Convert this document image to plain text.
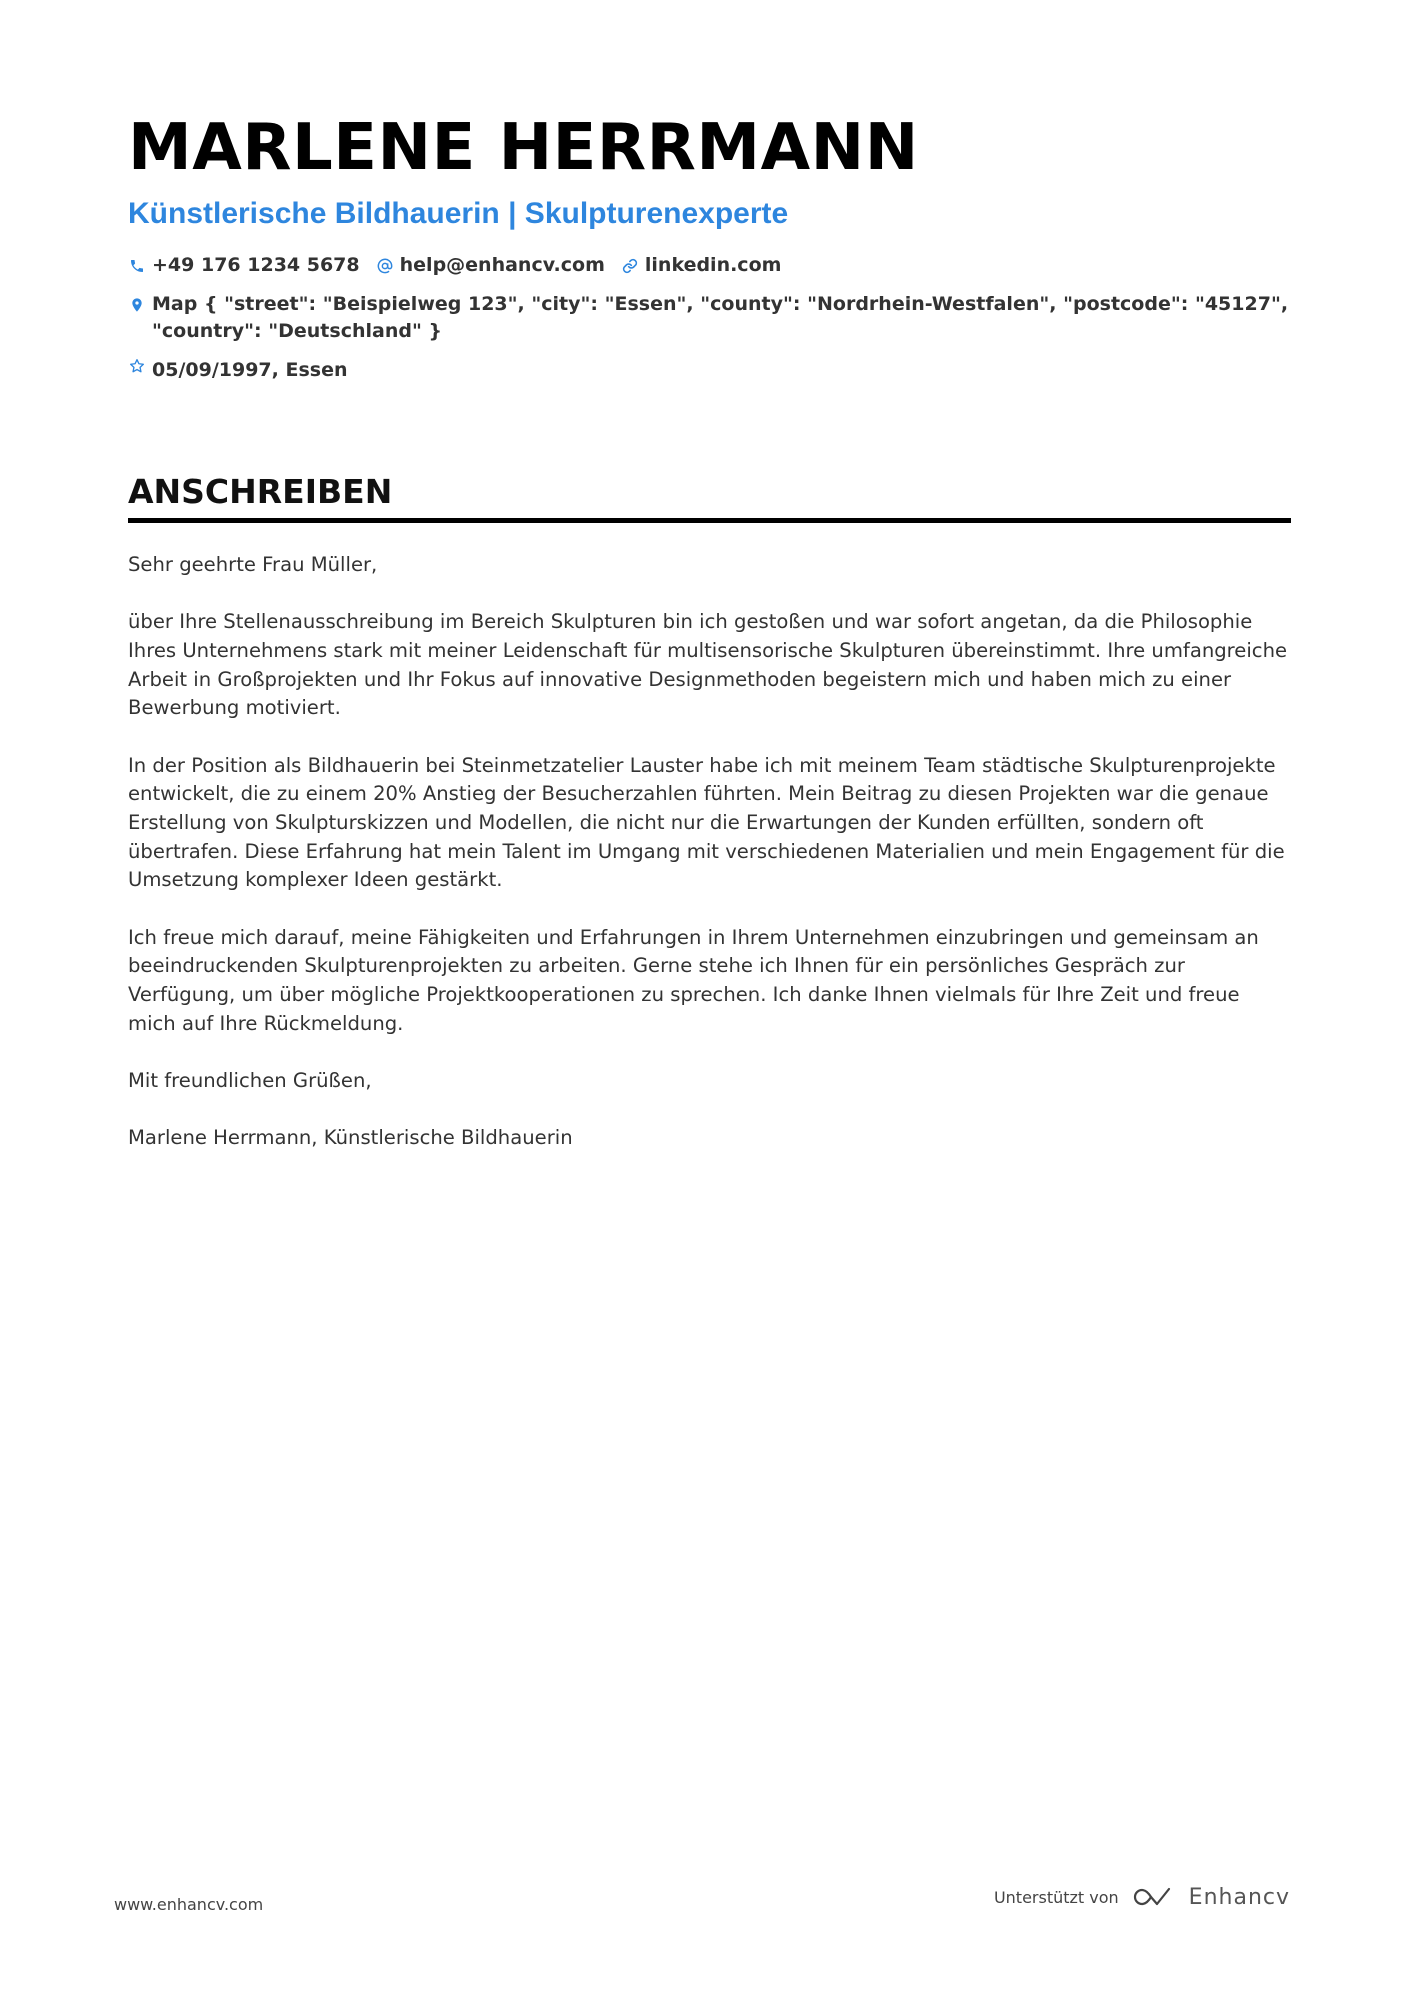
MARLENE HERRMANN
Künstlerische Bildhauerin | Skulpturenexperte
+49 176 1234 5678 help@enhancv.com linkedin.com
Map { "street": "Beispielweg 123", "city": "Essen", "county": "Nordrhein-Westfalen", "postcode": "45127", "country": "Deutschland" }
05/09/1997, Essen
ANSCHREIBEN

Sehr geehrte Frau Müller,

über Ihre Stellenausschreibung im Bereich Skulpturen bin ich gestoßen und war sofort angetan, da die Philosophie Ihres Unternehmens stark mit meiner Leidenschaft für multisensorische Skulpturen übereinstimmt. Ihre umfangreiche Arbeit in Großprojekten und Ihr Fokus auf innovative Designmethoden begeistern mich und haben mich zu einer Bewerbung motiviert.

In der Position als Bildhauerin bei Steinmetzatelier Lauster habe ich mit meinem Team städtische Skulpturenprojekte entwickelt, die zu einem 20% Anstieg der Besucherzahlen führten. Mein Beitrag zu diesen Projekten war die genaue Erstellung von Skulpturskizzen und Modellen, die nicht nur die Erwartungen der Kunden erfüllten, sondern oft übertrafen. Diese Erfahrung hat mein Talent im Umgang mit verschiedenen Materialien und mein Engagement für die Umsetzung komplexer Ideen gestärkt.

Ich freue mich darauf, meine Fähigkeiten und Erfahrungen in Ihrem Unternehmen einzubringen und gemeinsam an beeindruckenden Skulpturenprojekten zu arbeiten. Gerne stehe ich Ihnen für ein persönliches Gespräch zur Verfügung, um über mögliche Projektkooperationen zu sprechen. Ich danke Ihnen vielmals für Ihre Zeit und freue mich auf Ihre Rückmeldung.

Mit freundlichen Grüßen,

Marlene Herrmann, Künstlerische Bildhauerin

www.enhancv.com	Unterstützt von	Enhancv
